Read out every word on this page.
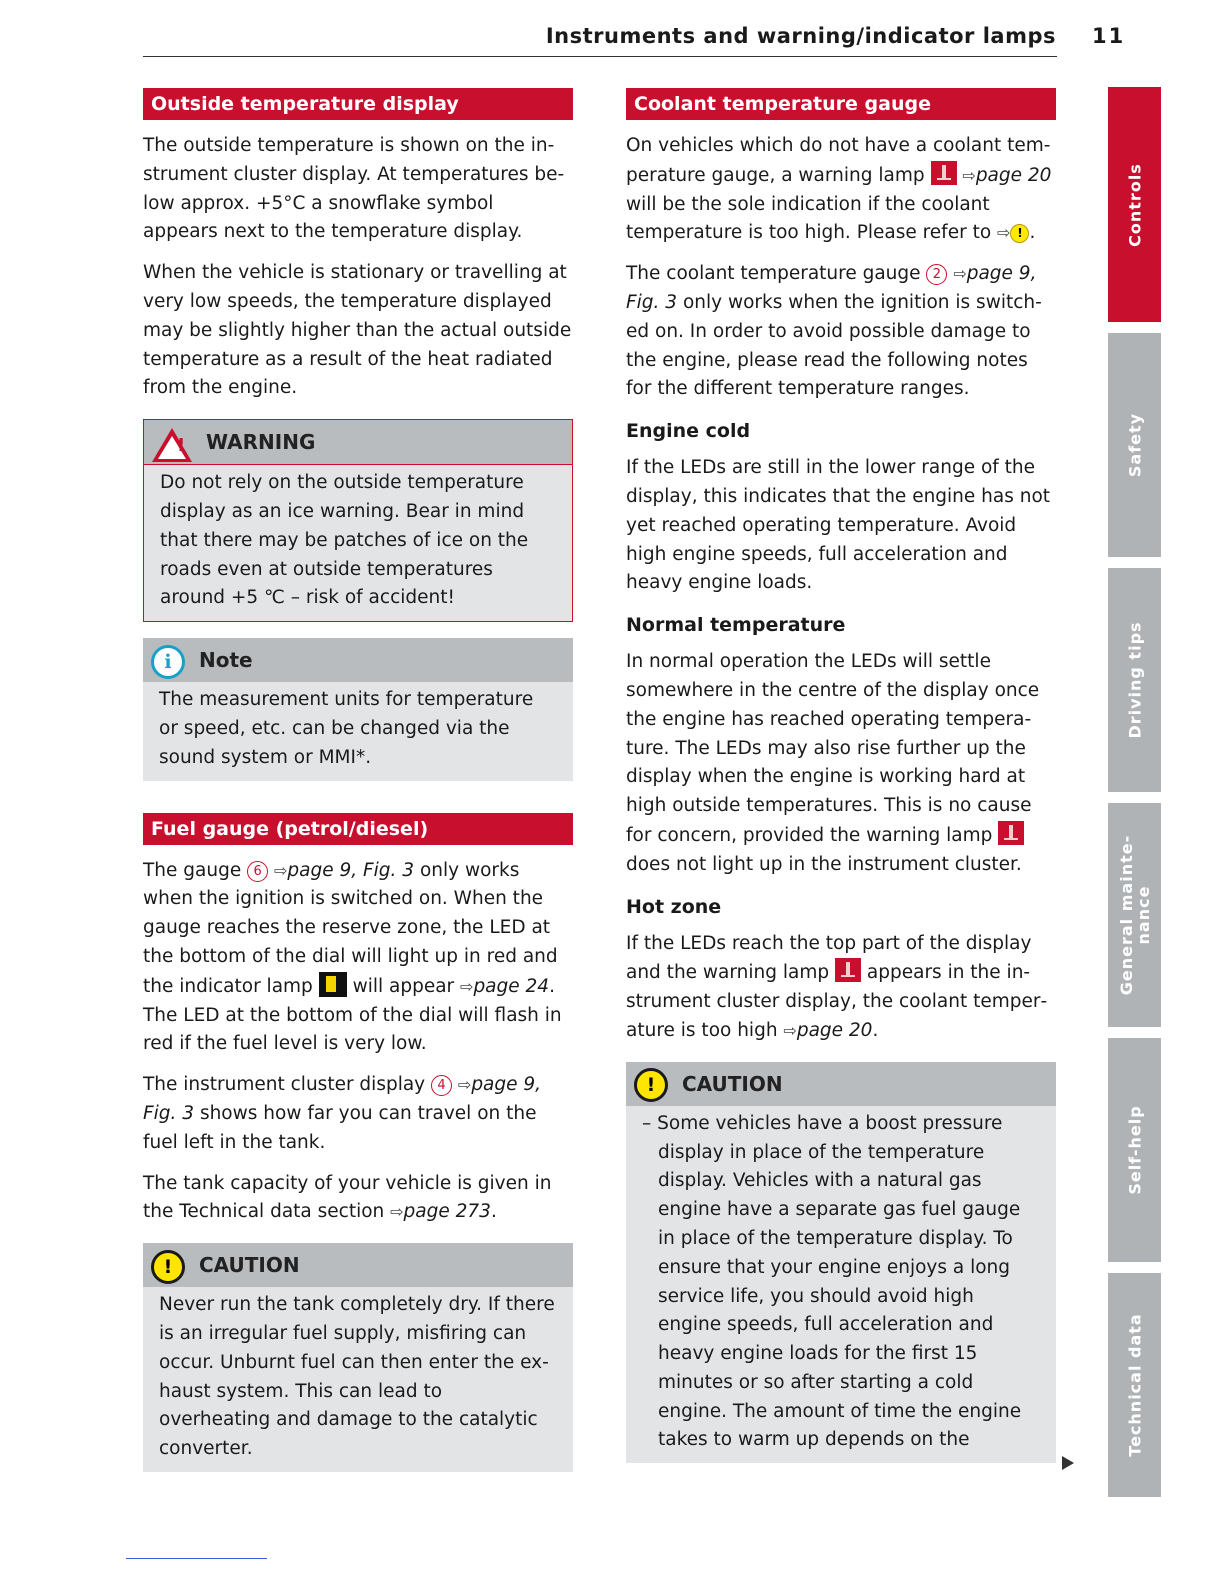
Instruments and warning/indicator lamps 11
Outside temperature display

The outside temperature is shown on the instrument cluster display. At temperatures below approx. +5°C a snowflake symbol appears next to the temperature display.

When the vehicle is stationary or travelling at very low speeds, the temperature displayed may be slightly higher than the actual outside temperature as a result of the heat radiated from the engine.

! WARNING
Do not rely on the outside temperature display as an ice warning. Bear in mind that there may be patches of ice on the roads even at outside temperatures around +5 ℃ – risk of accident!
i Note
The measurement units for temperature or speed, etc. can be changed via the sound system or MMI*.
Fuel gauge (petrol/diesel)

The gauge 6 ⇨page 9, Fig. 3 only works when the ignition is switched on. When the gauge reaches the reserve zone, the LED at the bottom of the dial will light up in red and the indicator lamp  will appear ⇨page 24. The LED at the bottom of the dial will flash in red if the fuel level is very low.

The instrument cluster display 4 ⇨page 9, Fig. 3 shows how far you can travel on the fuel left in the tank.

The tank capacity of your vehicle is given in the Technical data section ⇨page 273.

! CAUTION
Never run the tank completely dry. If there is an irregular fuel supply, misfiring can occur. Unburnt fuel can then enter the exhaust system. This can lead to overheating and damage to the catalytic converter.
Coolant temperature gauge

On vehicles which do not have a coolant temperature gauge, a warning lamp  ⇨page 20 will be the sole indication if the coolant temperature is too high. Please refer to ⇨ ! .

The coolant temperature gauge 2 ⇨page 9, Fig. 3 only works when the ignition is switched on. In order to avoid possible damage to the engine, please read the following notes for the different temperature ranges.

Engine cold

If the LEDs are still in the lower range of the display, this indicates that the engine has not yet reached operating temperature. Avoid high engine speeds, full acceleration and heavy engine loads.

Normal temperature

In normal operation the LEDs will settle somewhere in the centre of the display once the engine has reached operating temperature. The LEDs may also rise further up the display when the engine is working hard at high outside temperatures. This is no cause for concern, provided the warning lamp  does not light up in the instrument cluster.

Hot zone

If the LEDs reach the top part of the display and the warning lamp  appears in the instrument cluster display, the coolant temperature is too high ⇨page 20.

! CAUTION
– Some vehicles have a boost pressure display in place of the temperature display. Vehicles with a natural gas engine have a separate gas fuel gauge in place of the temperature display. To ensure that your engine enjoys a long service life, you should avoid high engine speeds, full acceleration and heavy engine loads for the first 15 minutes or so after starting a cold engine. The amount of time the engine takes to warm up depends on the
Controls
Safety
Driving tips
General mainte-
nance
Self-help
Technical data
